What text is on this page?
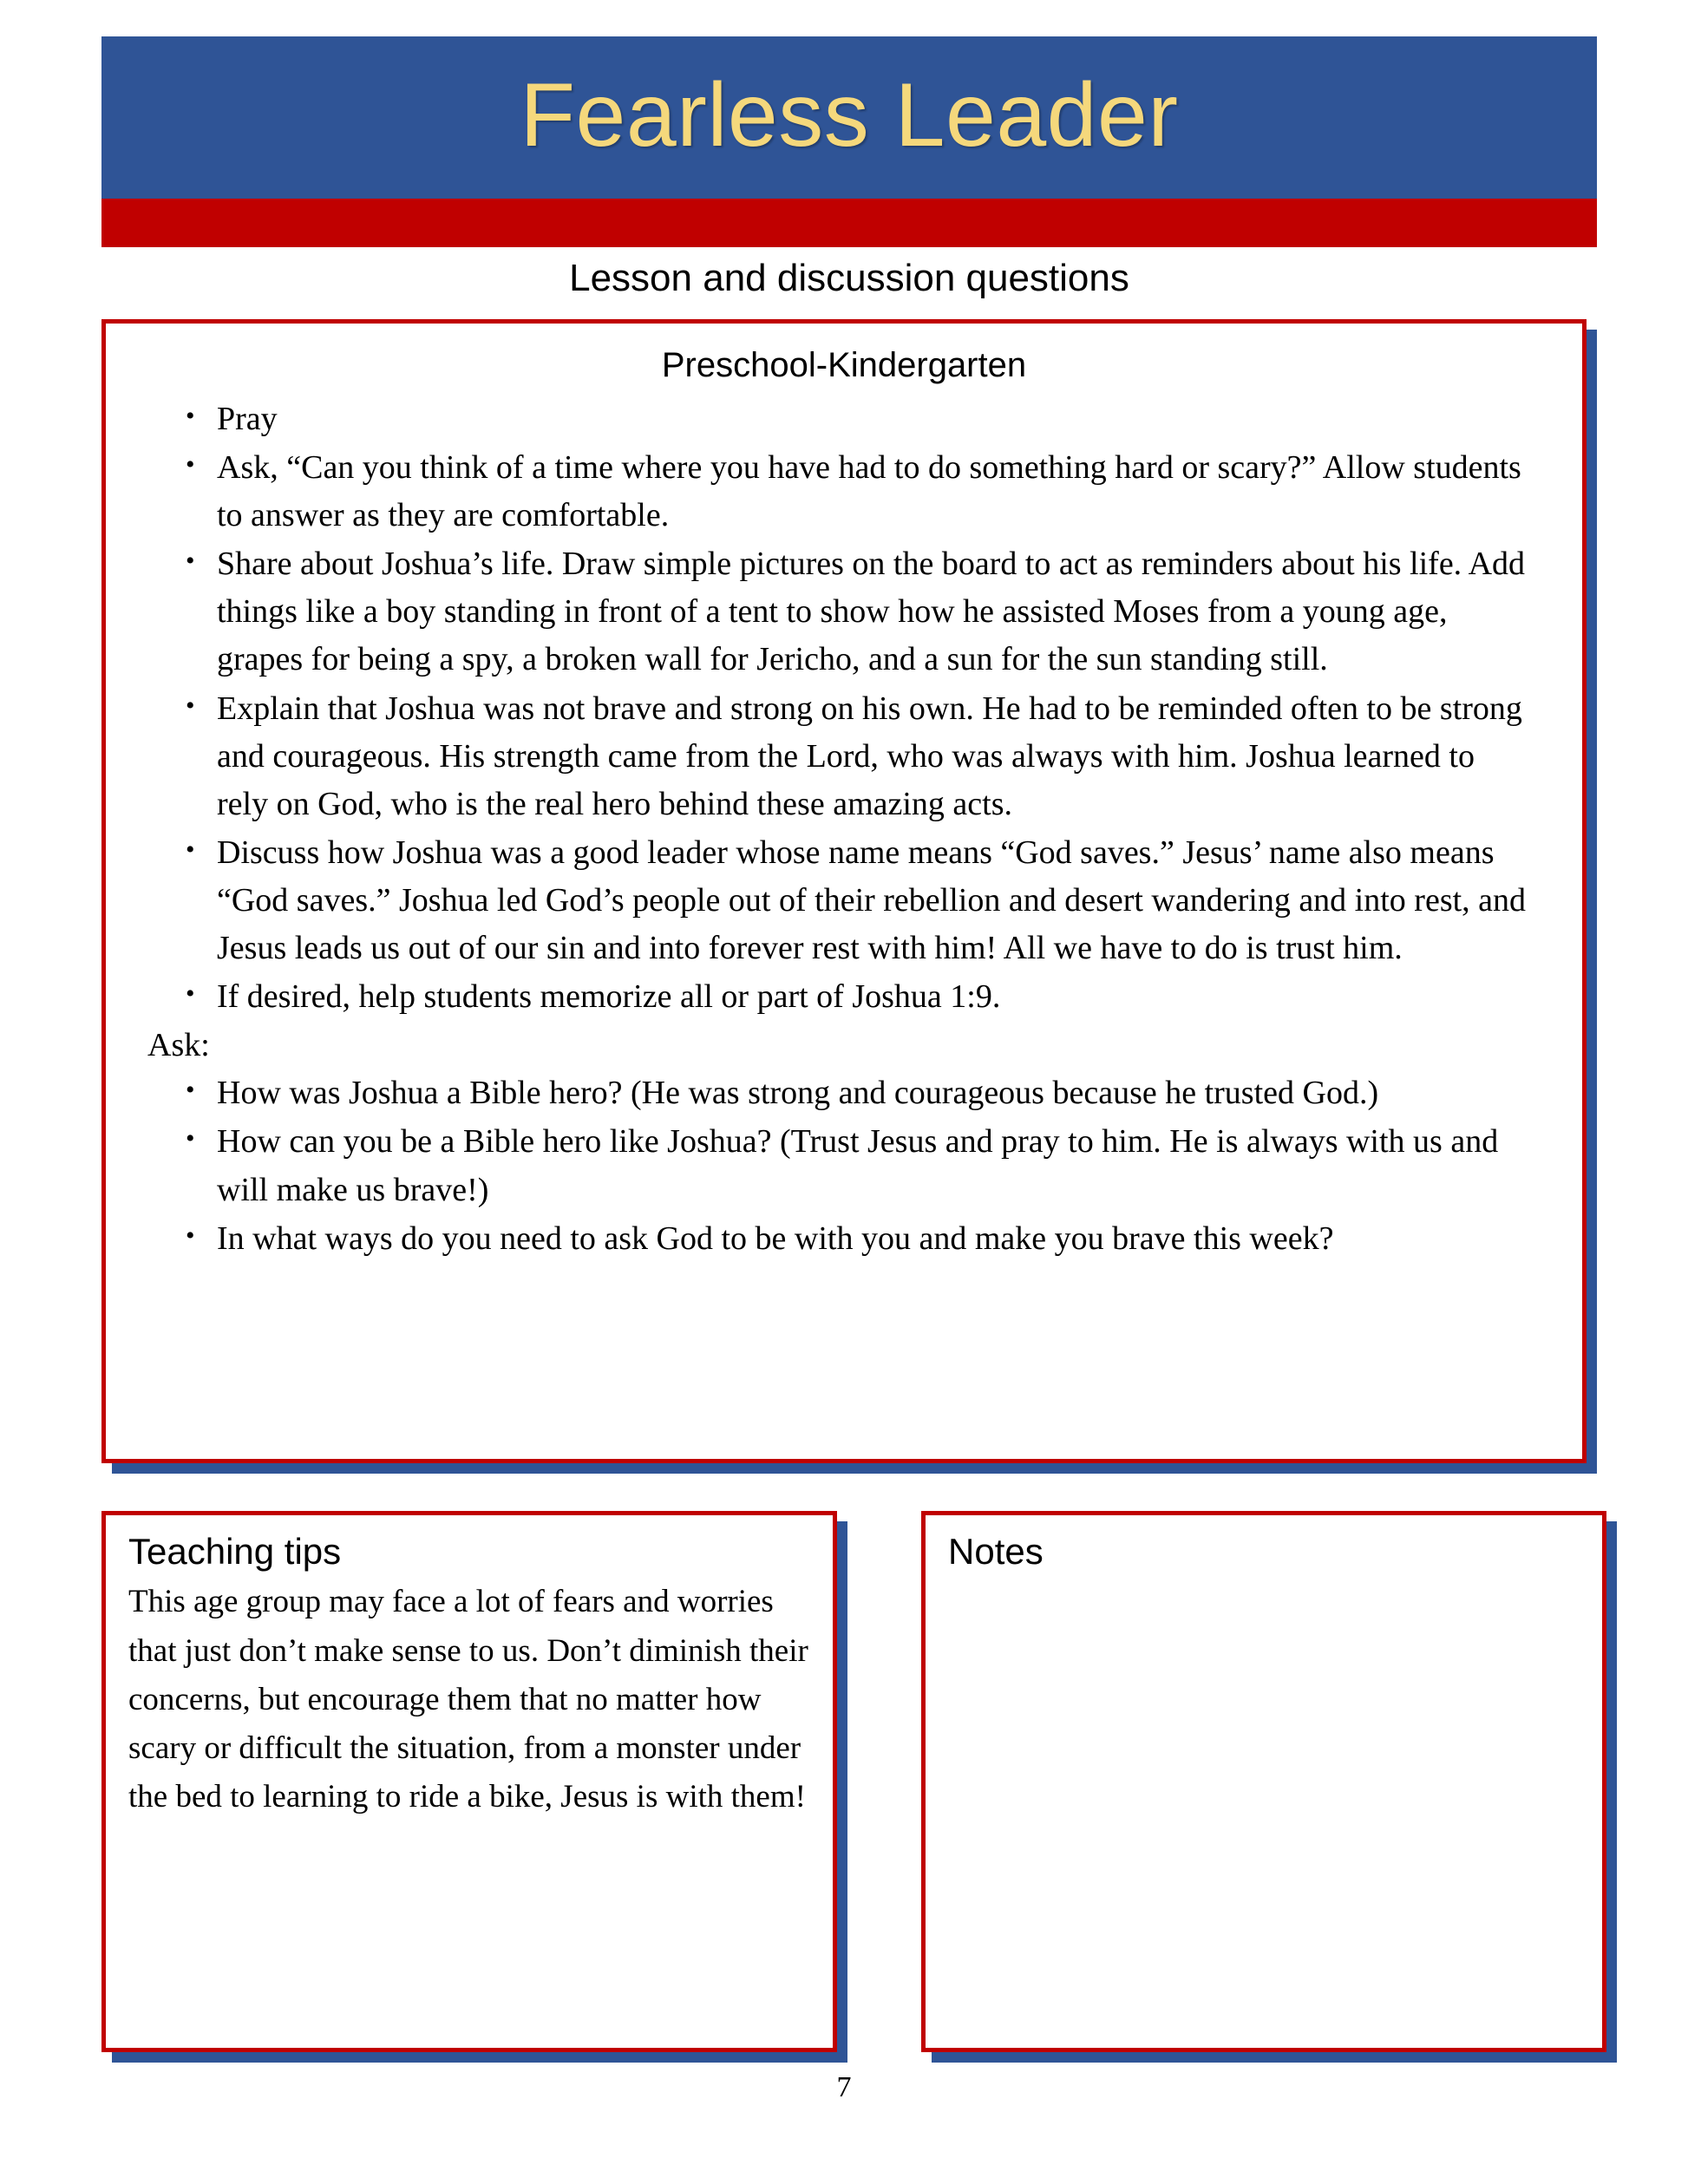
Fearless Leader
Lesson and discussion questions
Preschool-Kindergarten
• Pray
• Ask, “Can you think of a time where you have had to do something hard or scary?” Allow students to answer as they are comfortable.
• Share about Joshua’s life. Draw simple pictures on the board to act as reminders about his life. Add things like a boy standing in front of a tent to show how he assisted Moses from a young age, grapes for being a spy, a broken wall for Jericho, and a sun for the sun standing still.
• Explain that Joshua was not brave and strong on his own. He had to be reminded often to be strong and courageous. His strength came from the Lord, who was always with him. Joshua learned to rely on God, who is the real hero behind these amazing acts.
• Discuss how Joshua was a good leader whose name means “God saves.” Jesus’ name also means “God saves.” Joshua led God’s people out of their rebellion and desert wandering and into rest, and Jesus leads us out of our sin and into forever rest with him! All we have to do is trust him.
• If desired, help students memorize all or part of Joshua 1:9.
Ask:
• How was Joshua a Bible hero? (He was strong and courageous because he trusted God.)
• How can you be a Bible hero like Joshua? (Trust Jesus and pray to him. He is always with us and will make us brave!)
• In what ways do you need to ask God to be with you and make you brave this week?
Teaching tips
This age group may face a lot of fears and worries that just don’t make sense to us. Don’t diminish their concerns, but encourage them that no matter how scary or difficult the situation, from a monster under the bed to learning to ride a bike, Jesus is with them!
Notes
7
